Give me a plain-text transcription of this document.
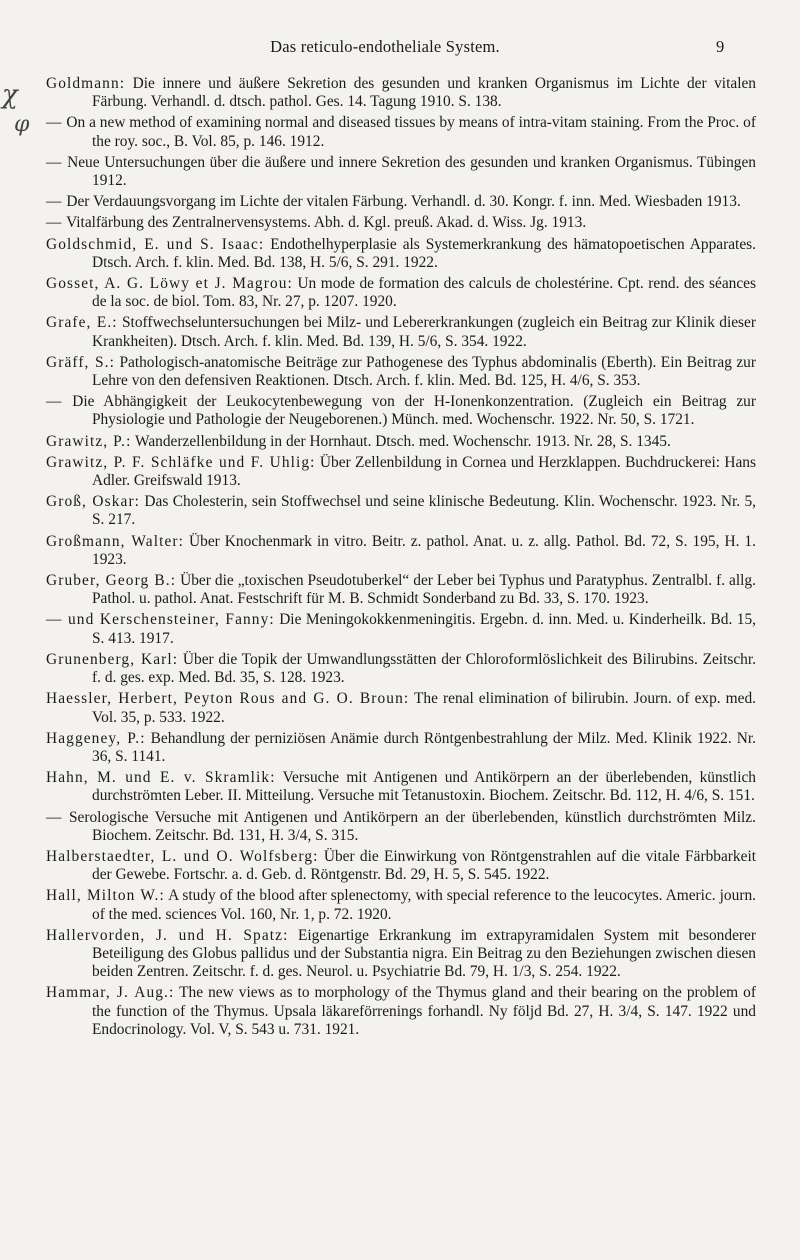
Das reticulo-endotheliale System.	9
χ
φ
Goldmann: Die innere und äußere Sekretion des gesunden und kranken Organismus im Lichte der vitalen Färbung. Verhandl. d. dtsch. pathol. Ges. 14. Tagung 1910. S. 138.
— On a new method of examining normal and diseased tissues by means of intra-vitam staining. From the Proc. of the roy. soc., B. Vol. 85, p. 146. 1912.
— Neue Untersuchungen über die äußere und innere Sekretion des gesunden und kranken Organismus. Tübingen 1912.
— Der Verdauungsvorgang im Lichte der vitalen Färbung. Verhandl. d. 30. Kongr. f. inn. Med. Wiesbaden 1913.
— Vitalfärbung des Zentralnervensystems. Abh. d. Kgl. preuß. Akad. d. Wiss. Jg. 1913.
Goldschmid, E. und S. Isaac: Endothelhyperplasie als Systemerkrankung des hämatopoetischen Apparates. Dtsch. Arch. f. klin. Med. Bd. 138, H. 5/6, S. 291. 1922.
Gosset, A. G. Löwy et J. Magrou: Un mode de formation des calculs de cholestérine. Cpt. rend. des séances de la soc. de biol. Tom. 83, Nr. 27, p. 1207. 1920.
Grafe, E.: Stoffwechseluntersuchungen bei Milz- und Lebererkrankungen (zugleich ein Beitrag zur Klinik dieser Krankheiten). Dtsch. Arch. f. klin. Med. Bd. 139, H. 5/6, S. 354. 1922.
Gräff, S.: Pathologisch-anatomische Beiträge zur Pathogenese des Typhus abdominalis (Eberth). Ein Beitrag zur Lehre von den defensiven Reaktionen. Dtsch. Arch. f. klin. Med. Bd. 125, H. 4/6, S. 353.
— Die Abhängigkeit der Leukocytenbewegung von der H-Ionenkonzentration. (Zugleich ein Beitrag zur Physiologie und Pathologie der Neugeborenen.) Münch. med. Wochenschr. 1922. Nr. 50, S. 1721.
Grawitz, P.: Wanderzellenbildung in der Hornhaut. Dtsch. med. Wochenschr. 1913. Nr. 28, S. 1345.
Grawitz, P. F. Schläfke und F. Uhlig: Über Zellenbildung in Cornea und Herzklappen. Buchdruckerei: Hans Adler. Greifswald 1913.
Groß, Oskar: Das Cholesterin, sein Stoffwechsel und seine klinische Bedeutung. Klin. Wochenschr. 1923. Nr. 5, S. 217.
Großmann, Walter: Über Knochenmark in vitro. Beitr. z. pathol. Anat. u. z. allg. Pathol. Bd. 72, S. 195, H. 1. 1923.
Gruber, Georg B.: Über die „toxischen Pseudotuberkel“ der Leber bei Typhus und Paratyphus. Zentralbl. f. allg. Pathol. u. pathol. Anat. Festschrift für M. B. Schmidt Sonderband zu Bd. 33, S. 170. 1923.
— und Kerschensteiner, Fanny: Die Meningokokkenmeningitis. Ergebn. d. inn. Med. u. Kinderheilk. Bd. 15, S. 413. 1917.
Grunenberg, Karl: Über die Topik der Umwandlungsstätten der Chloroformlöslichkeit des Bilirubins. Zeitschr. f. d. ges. exp. Med. Bd. 35, S. 128. 1923.
Haessler, Herbert, Peyton Rous and G. O. Broun: The renal elimination of bilirubin. Journ. of exp. med. Vol. 35, p. 533. 1922.
Haggeney, P.: Behandlung der perniziösen Anämie durch Röntgenbestrahlung der Milz. Med. Klinik 1922. Nr. 36, S. 1141.
Hahn, M. und E. v. Skramlik: Versuche mit Antigenen und Antikörpern an der überlebenden, künstlich durchströmten Leber. II. Mitteilung. Versuche mit Tetanustoxin. Biochem. Zeitschr. Bd. 112, H. 4/6, S. 151.
— Serologische Versuche mit Antigenen und Antikörpern an der überlebenden, künstlich durchströmten Milz. Biochem. Zeitschr. Bd. 131, H. 3/4, S. 315.
Halberstaedter, L. und O. Wolfsberg: Über die Einwirkung von Röntgenstrahlen auf die vitale Färbbarkeit der Gewebe. Fortschr. a. d. Geb. d. Röntgenstr. Bd. 29, H. 5, S. 545. 1922.
Hall, Milton W.: A study of the blood after splenectomy, with special reference to the leucocytes. Americ. journ. of the med. sciences Vol. 160, Nr. 1, p. 72. 1920.
Hallervorden, J. und H. Spatz: Eigenartige Erkrankung im extrapyramidalen System mit besonderer Beteiligung des Globus pallidus und der Substantia nigra. Ein Beitrag zu den Beziehungen zwischen diesen beiden Zentren. Zeitschr. f. d. ges. Neurol. u. Psychiatrie Bd. 79, H. 1/3, S. 254. 1922.
Hammar, J. Aug.: The new views as to morphology of the Thymus gland and their bearing on the problem of the function of the Thymus. Upsala läkareförrenings forhandl. Ny följd Bd. 27, H. 3/4, S. 147. 1922 und Endocrinology. Vol. V, S. 543 u. 731. 1921.
